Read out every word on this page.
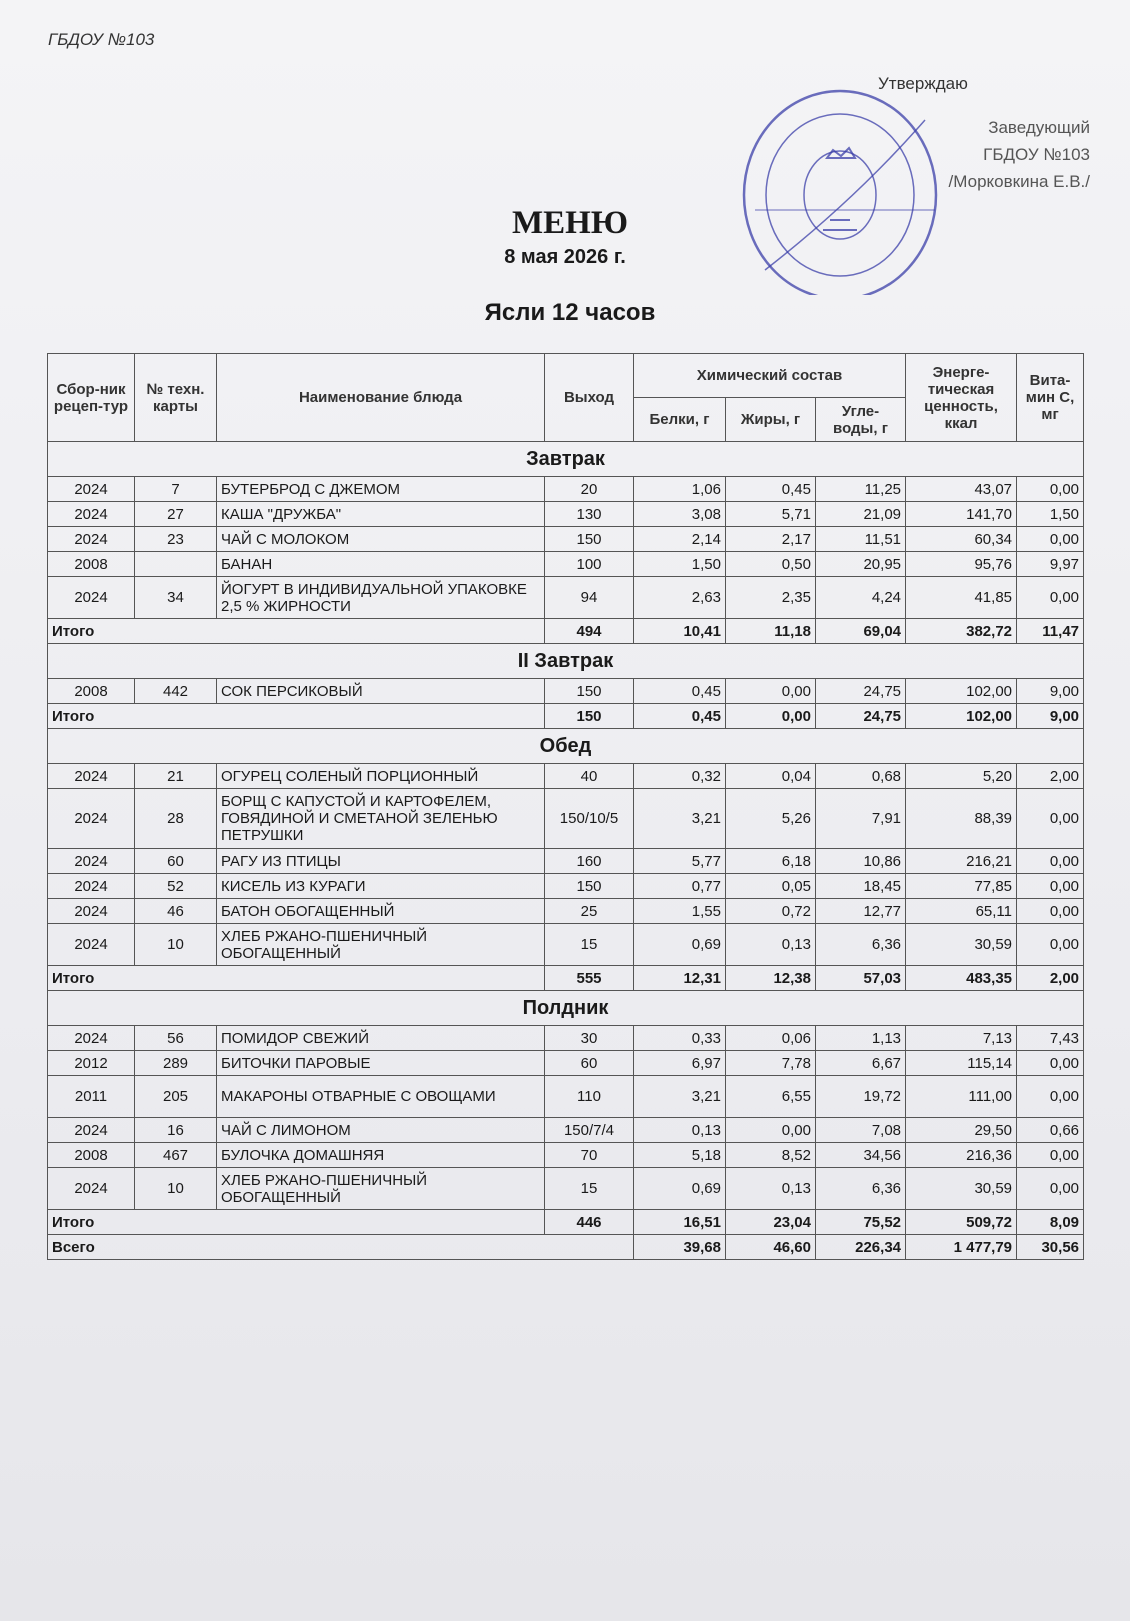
ГБДОУ №103
Утверждаю
Заведующий
ГБДОУ №103
/Морковкина Е.В./
МЕНЮ
8 мая 2026 г.
Ясли 12 часов
Сбор-ник рецеп-тур	№ техн. карты	Наименование блюда	Выход	Химический состав			Энерге-тическая ценность, ккал	Вита-мин С, мг
				Белки, г	Жиры, г	Угле-воды, г		
Завтрак								
2024	7	БУТЕРБРОД С ДЖЕМОМ	20	1,06	0,45	11,25	43,07	0,00
2024	27	КАША "ДРУЖБА"	130	3,08	5,71	21,09	141,70	1,50
2024	23	ЧАЙ С МОЛОКОМ	150	2,14	2,17	11,51	60,34	0,00
2008		БАНАН	100	1,50	0,50	20,95	95,76	9,97
2024	34	ЙОГУРТ В ИНДИВИДУАЛЬНОЙ УПАКОВКЕ 2,5 % ЖИРНОСТИ	94	2,63	2,35	4,24	41,85	0,00
Итого			494	10,41	11,18	69,04	382,72	11,47
II Завтрак								
2008	442	СОК ПЕРСИКОВЫЙ	150	0,45	0,00	24,75	102,00	9,00
Итого			150	0,45	0,00	24,75	102,00	9,00
Обед								
2024	21	ОГУРЕЦ СОЛЕНЫЙ ПОРЦИОННЫЙ	40	0,32	0,04	0,68	5,20	2,00
2024	28	БОРЩ С КАПУСТОЙ И КАРТОФЕЛЕМ, ГОВЯДИНОЙ И СМЕТАНОЙ ЗЕЛЕНЬЮ ПЕТРУШКИ	150/10/5	3,21	5,26	7,91	88,39	0,00
2024	60	РАГУ ИЗ ПТИЦЫ	160	5,77	6,18	10,86	216,21	0,00
2024	52	КИСЕЛЬ ИЗ КУРАГИ	150	0,77	0,05	18,45	77,85	0,00
2024	46	БАТОН ОБОГАЩЕННЫЙ	25	1,55	0,72	12,77	65,11	0,00
2024	10	ХЛЕБ РЖАНО-ПШЕНИЧНЫЙ ОБОГАЩЕННЫЙ	15	0,69	0,13	6,36	30,59	0,00
Итого			555	12,31	12,38	57,03	483,35	2,00
Полдник								
2024	56	ПОМИДОР СВЕЖИЙ	30	0,33	0,06	1,13	7,13	7,43
2012	289	БИТОЧКИ ПАРОВЫЕ	60	6,97	7,78	6,67	115,14	0,00
2011	205	МАКАРОНЫ ОТВАРНЫЕ С ОВОЩАМИ	110	3,21	6,55	19,72	111,00	0,00
2024	16	ЧАЙ С ЛИМОНОМ	150/7/4	0,13	0,00	7,08	29,50	0,66
2008	467	БУЛОЧКА ДОМАШНЯЯ	70	5,18	8,52	34,56	216,36	0,00
2024	10	ХЛЕБ РЖАНО-ПШЕНИЧНЫЙ ОБОГАЩЕННЫЙ	15	0,69	0,13	6,36	30,59	0,00
Итого			446	16,51	23,04	75,52	509,72	8,09
Всего				39,68	46,60	226,34	1 477,79	30,56
